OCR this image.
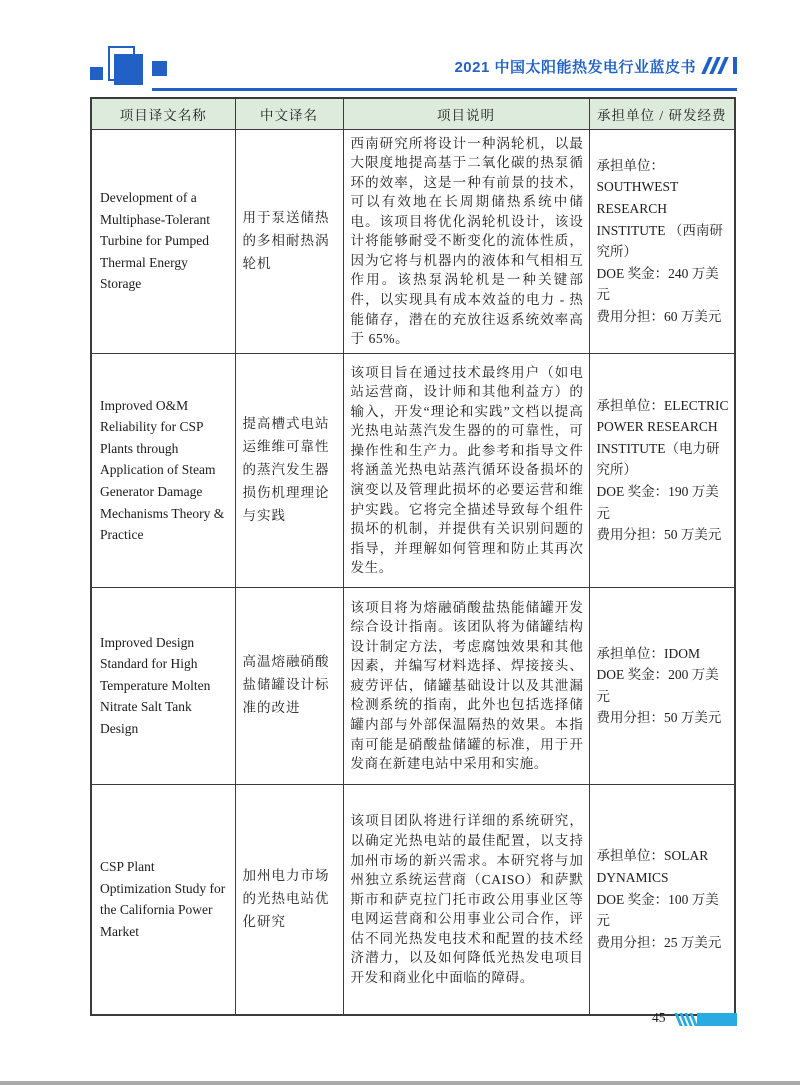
2021 中国太阳能热发电行业蓝皮书
项目译文名称	中文译名	项目说明	承担单位 / 研发经费
Development of a Multiphase-Tolerant Turbine for Pumped Thermal Energy Storage	用于泵送储热的多相耐热涡轮机	西南研究所将设计一种涡轮机，以最大限度地提高基于二氧化碳的热泵循环的效率，这是一种有前景的技术，可以有效地在长周期储热系统中储电。该项目将优化涡轮机设计，该设计将能够耐受不断变化的流体性质，因为它将与机器内的液体和气相相互作用。该热泵涡轮机是一种关键部件，以实现具有成本效益的电力 - 热能储存，潜在的充放往返系统效率高于 65%。	承担单位：SOUTHWEST RESEARCH INSTITUTE （西南研究所）
DOE 奖金：240 万美元
费用分担：60 万美元

Improved O&M Reliability for CSP Plants through Application of Steam Generator Damage Mechanisms Theory & Practice	提高槽式电站运维维可靠性的蒸汽发生器损伤机理理论与实践	该项目旨在通过技术最终用户（如电站运营商，设计师和其他利益方）的输入，开发“理论和实践”文档以提高光热电站蒸汽发生器的的可靠性，可操作性和生产力。此参考和指导文件将涵盖光热电站蒸汽循环设备损坏的演变以及管理此损坏的必要运营和维护实践。它将完全描述导致每个组件损坏的机制，并提供有关识别问题的指导，并理解如何管理和防止其再次发生。	承担单位：ELECTRIC POWER RESEARCH INSTITUTE（电力研究所）
DOE 奖金：190 万美元
费用分担：50 万美元

Improved Design Standard for High Temperature Molten Nitrate Salt Tank Design	高温熔融硝酸盐储罐设计标准的改进	该项目将为熔融硝酸盐热能储罐开发综合设计指南。该团队将为储罐结构设计制定方法，考虑腐蚀效果和其他因素，并编写材料选择、焊接接头、疲劳评估，储罐基础设计以及其泄漏检测系统的指南，此外也包括选择储罐内部与外部保温隔热的效果。本指南可能是硝酸盐储罐的标准，用于开发商在新建电站中采用和实施。	承担单位：IDOM
DOE 奖金：200 万美元
费用分担：50 万美元

CSP Plant Optimization Study for the California Power Market	加州电力市场的光热电站优化研究	该项目团队将进行详细的系统研究，以确定光热电站的最佳配置，以支持加州市场的新兴需求。本研究将与加州独立系统运营商（CAISO）和萨默斯市和萨克拉门托市政公用事业区等电网运营商和公用事业公司合作，评估不同光热发电技术和配置的技术经济潜力，以及如何降低光热发电项目开发和商业化中面临的障碍。	承担单位：SOLAR DYNAMICS
DOE 奖金：100 万美元
费用分担：25 万美元
45
